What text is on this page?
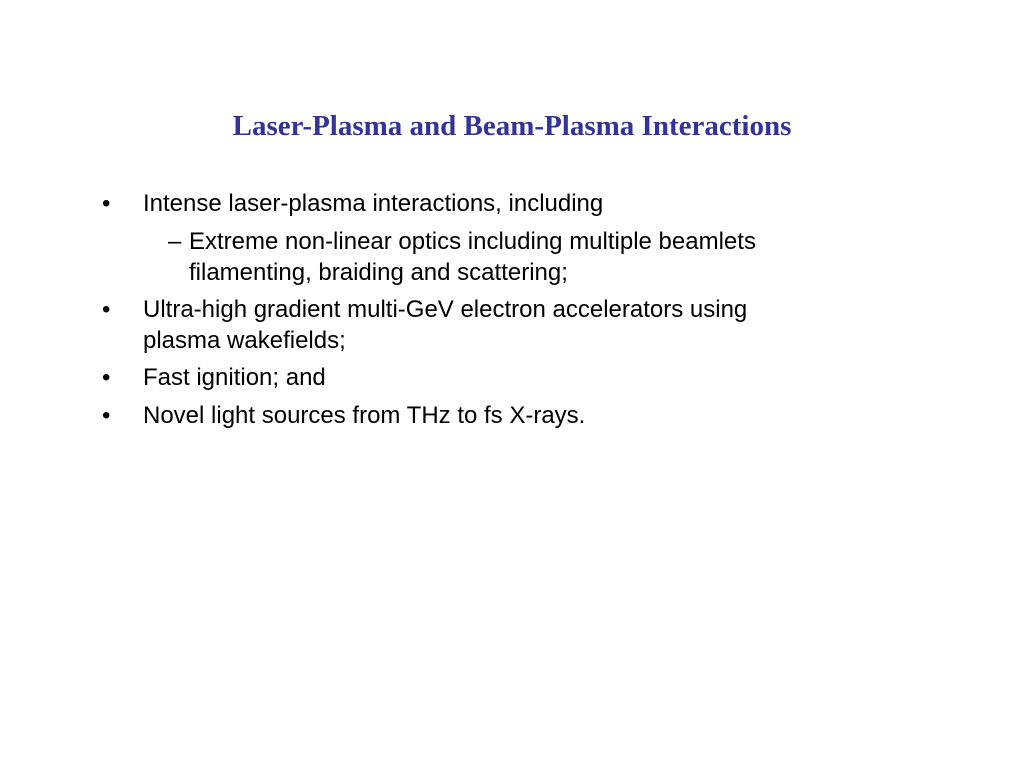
Laser-Plasma and Beam-Plasma Interactions
• Intense laser-plasma interactions, including
– Extreme non-linear optics including multiple beamlets
filamenting, braiding and scattering;
• Ultra-high gradient multi-GeV electron accelerators using
plasma wakefields;
• Fast ignition; and
• Novel light sources from THz to fs X-rays.
